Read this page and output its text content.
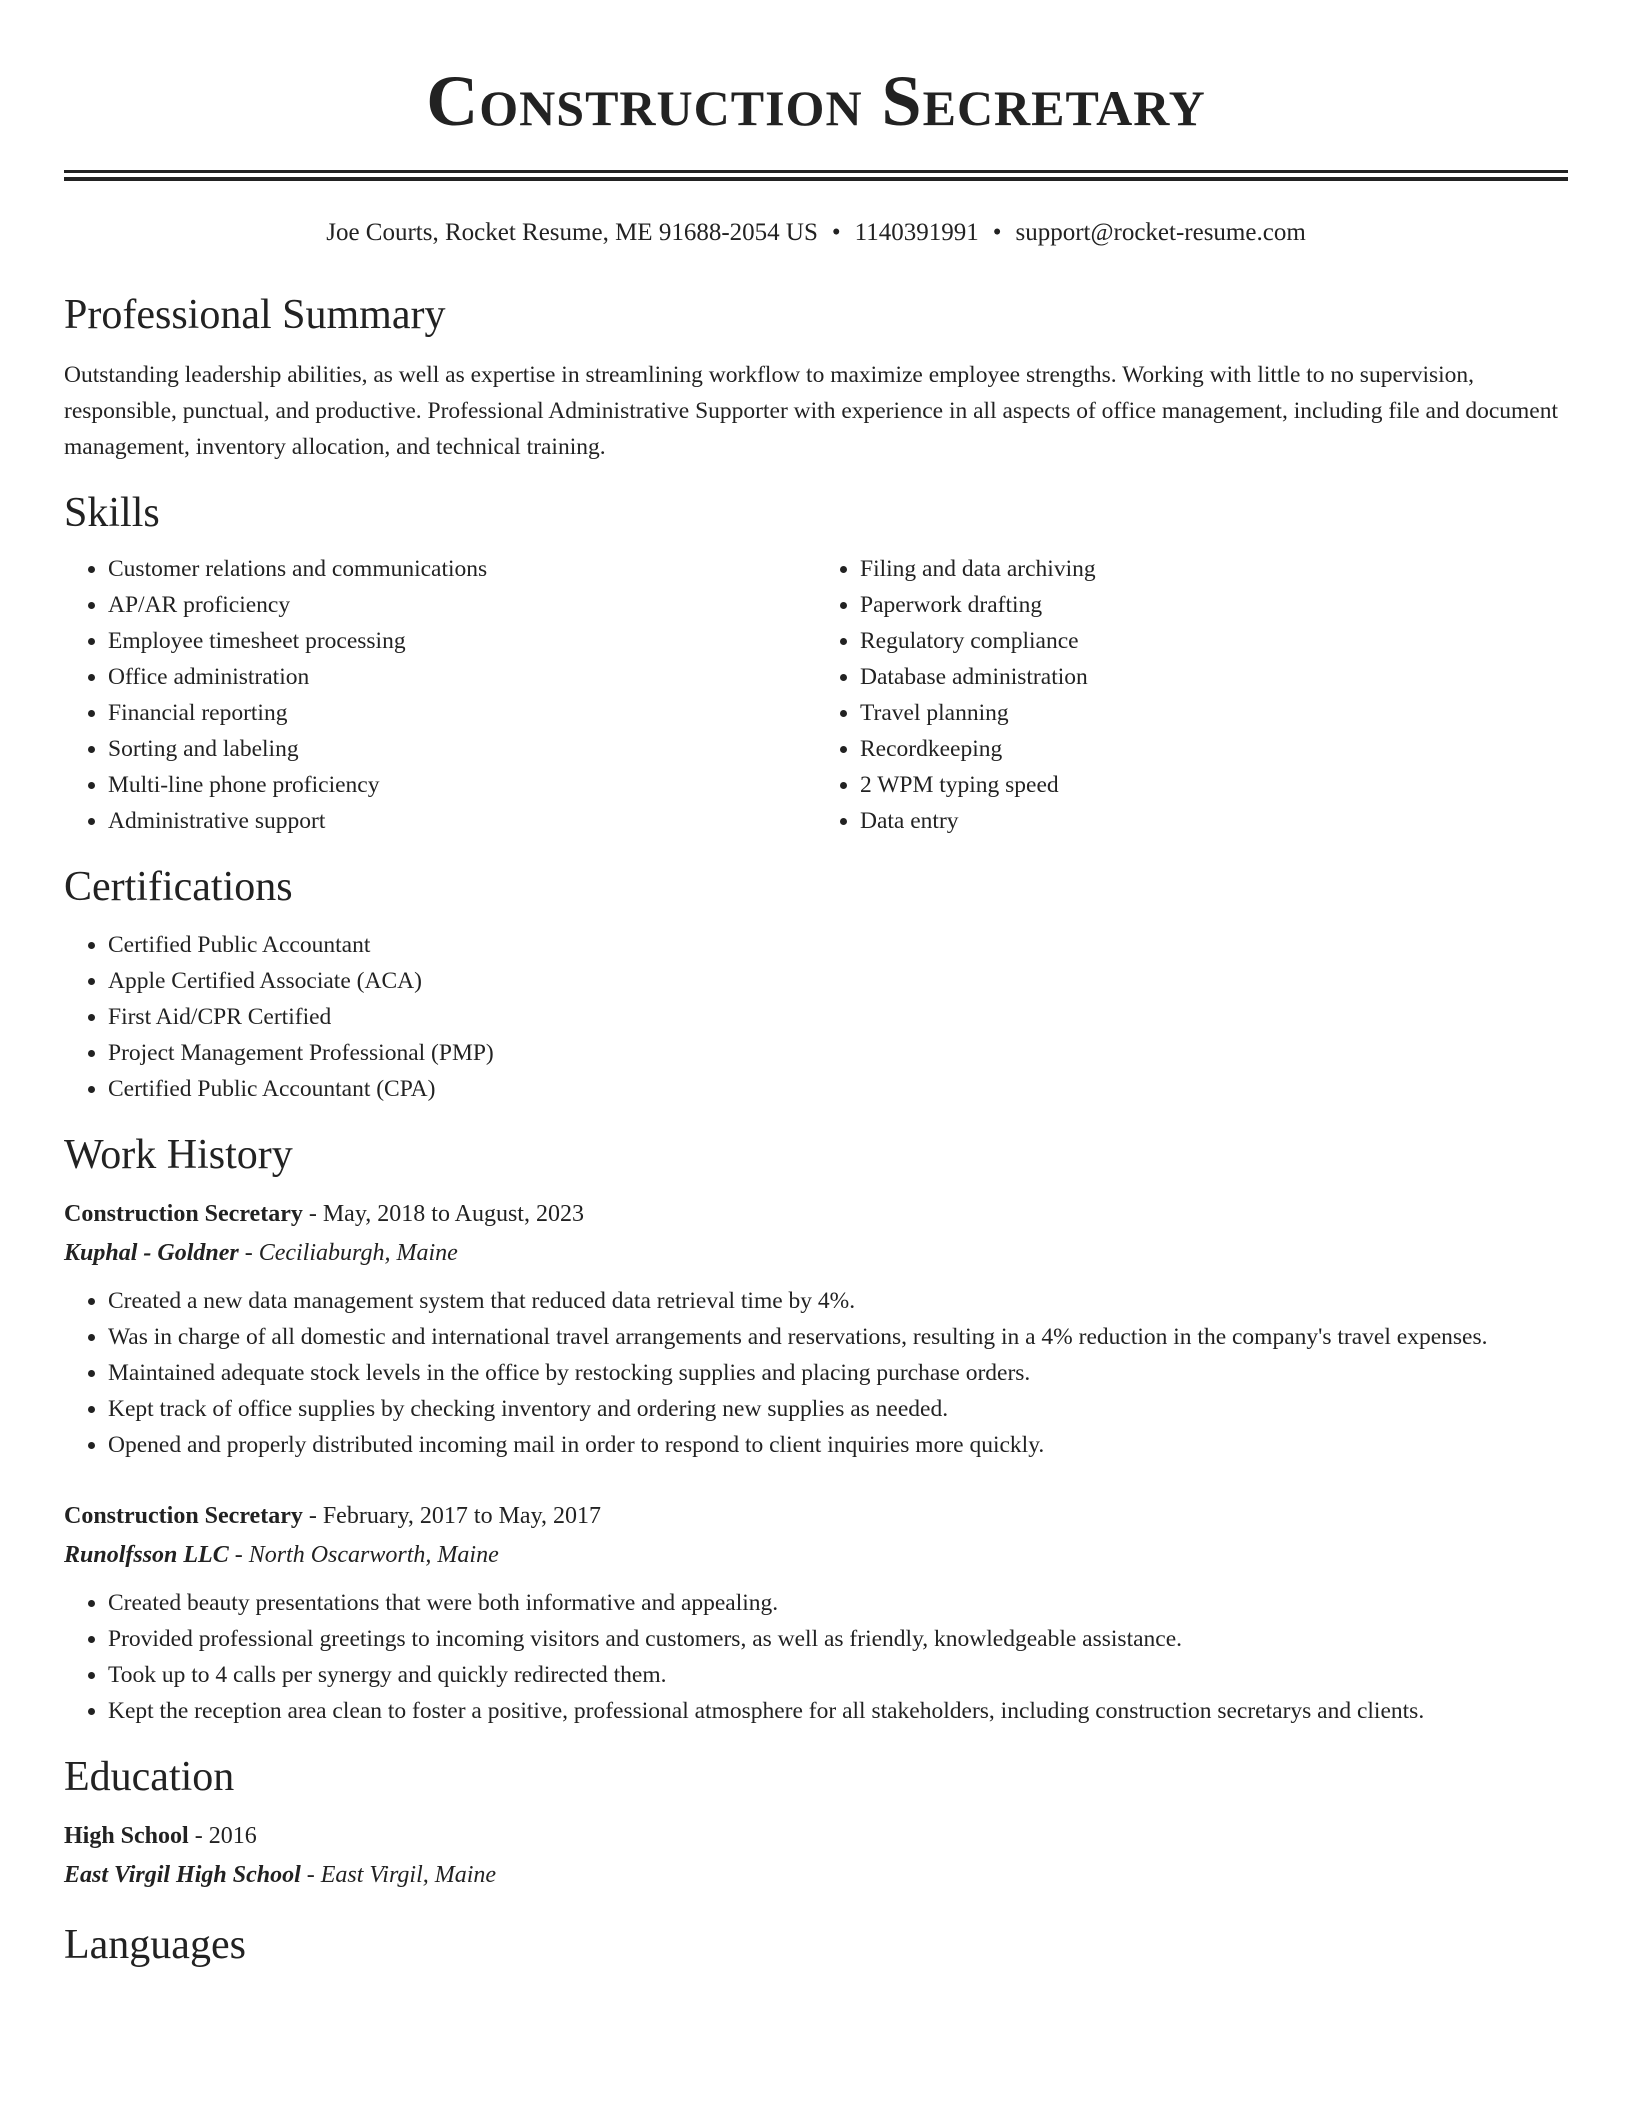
Construction Secretary
Joe Courts, Rocket Resume, ME 91688-2054 US • 1140391991 • support@rocket-resume.com
Professional Summary

Outstanding leadership abilities, as well as expertise in streamlining workflow to maximize employee strengths. Working with little to no supervision, responsible, punctual, and productive. Professional Administrative Supporter with experience in all aspects of office management, including file and document management, inventory allocation, and technical training.

Skills
• Customer relations and communications
• AP/AR proficiency
• Employee timesheet processing
• Office administration
• Financial reporting
• Sorting and labeling
• Multi-line phone proficiency
• Administrative support
• Filing and data archiving
• Paperwork drafting
• Regulatory compliance
• Database administration
• Travel planning
• Recordkeeping
• 2 WPM typing speed
• Data entry
Certifications
• Certified Public Accountant
• Apple Certified Associate (ACA)
• First Aid/CPR Certified
• Project Management Professional (PMP)
• Certified Public Accountant (CPA)
Work History
Construction Secretary - May, 2018 to August, 2023
Kuphal - Goldner - Ceciliaburgh, Maine
• Created a new data management system that reduced data retrieval time by 4%.
• Was in charge of all domestic and international travel arrangements and reservations, resulting in a 4% reduction in the company's travel expenses.
• Maintained adequate stock levels in the office by restocking supplies and placing purchase orders.
• Kept track of office supplies by checking inventory and ordering new supplies as needed.
• Opened and properly distributed incoming mail in order to respond to client inquiries more quickly.
Construction Secretary - February, 2017 to May, 2017
Runolfsson LLC - North Oscarworth, Maine
• Created beauty presentations that were both informative and appealing.
• Provided professional greetings to incoming visitors and customers, as well as friendly, knowledgeable assistance.
• Took up to 4 calls per synergy and quickly redirected them.
• Kept the reception area clean to foster a positive, professional atmosphere for all stakeholders, including construction secretarys and clients.
Education
High School - 2016
East Virgil High School - East Virgil, Maine
Languages
